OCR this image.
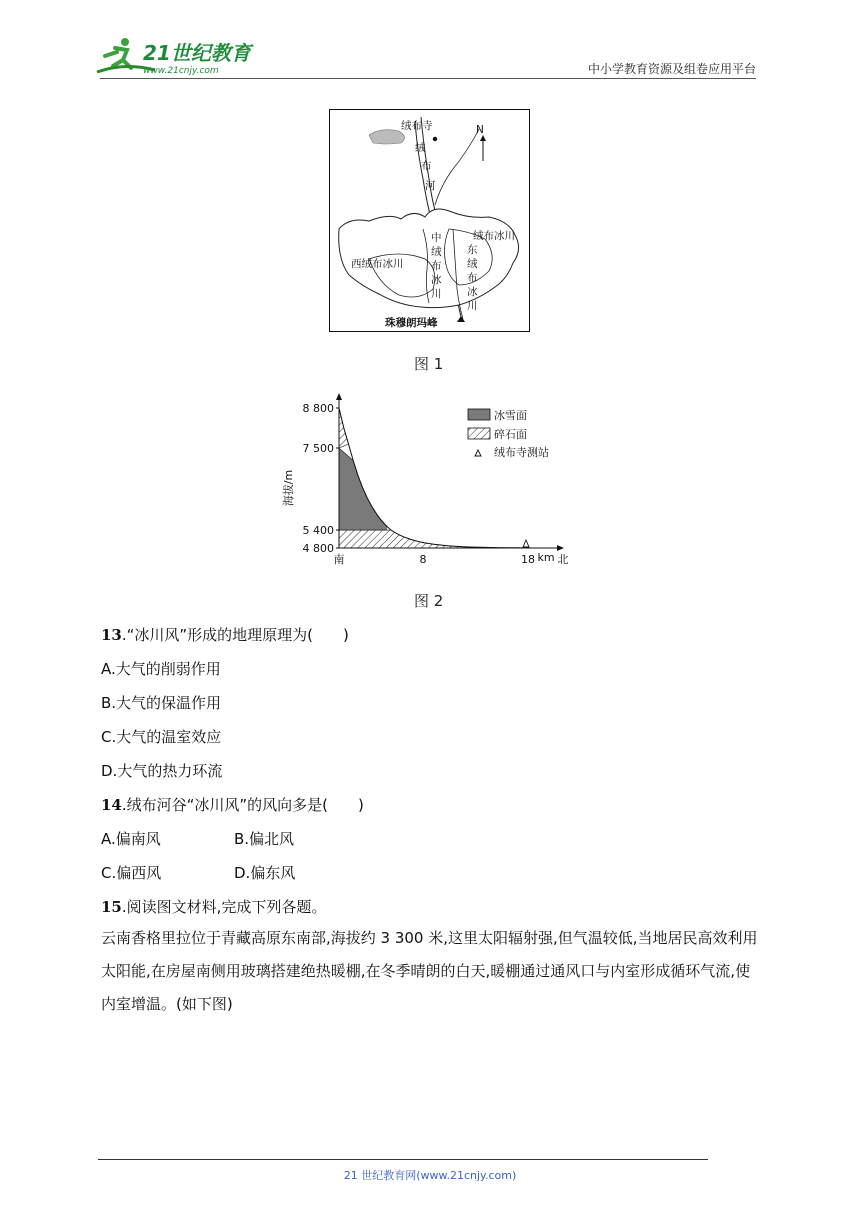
21世纪教育
www.21cnjy.com	中小学教育资源及组卷应用平台
绒布寺	N
绒
布
河
西绒布冰川
中
绒
布
冰
川
东
绒
布
冰
川
绒布冰川
珠穆朗玛峰
图 1
海拔/m
8 800
7 500
5 400
4 800
8	18 km
南	北
冰雪面
碎石面
绒布寺测站
图 2
13.“冰川风”形成的地理原理为(　　)
A.大气的削弱作用
B.大气的保温作用
C.大气的温室效应
D.大气的热力环流
14.绒布河谷“冰川风”的风向多是(　　)
A.偏南风	B.偏北风
C.偏西风	D.偏东风
15.阅读图文材料,完成下列各题。
云南香格里拉位于青藏高原东南部,海拔约 3 300 米,这里太阳辐射强,但气温较低,当地居民高效利用太阳能,在房屋南侧用玻璃搭建绝热暖棚,在冬季晴朗的白天,暖棚通过通风口与内室形成循环气流,使内室增温。(如下图)
21 世纪教育网(www.21cnjy.com)
